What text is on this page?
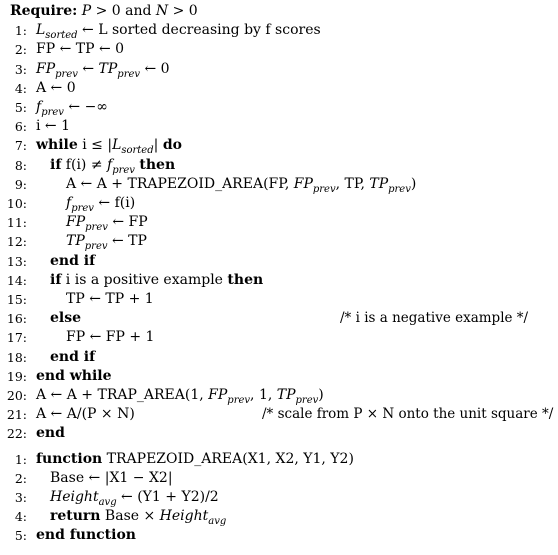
Require: P > 0 and N > 0
1: $L_{sorted}$ ← L sorted decreasing by f scores
2: FP ← TP ← 0
3: $FP_{prev}$ ← $TP_{prev}$ ← 0
4: A ← 0
5: $f_{prev}$ ← −∞
6: i ← 1
7: while $i \le |L_{sorted}|$ do
8: if $f(i) \ne f_{prev}$ then
9:	A ← A + TRAPEZOID_AREA(FP, $FP_{prev}$, TP, $TP_{prev}$)
10:	$f_{prev}$ ← f(i)
11:	$FP_{prev}$ ← FP
12:	$TP_{prev}$ ← TP
13: end if
14: if i is a positive example then
15:	TP ← TP + 1
16: else	/* i is a negative example */
17:	FP ← FP + 1
18: end if
19: end while
20: A ← A + TRAP_AREA(1, $FP_{prev}$, 1, $TP_{prev}$)
21: A ← A/(P × N)	/* scale from P × N onto the unit square */
22: end
1: function TRAPEZOID_AREA(X1, X2, Y1, Y2)
2: Base ← |X1 − X2|
3: Height$_{avg}$ ← (Y1 + Y2)/2
4: return Base × Height$_{avg}$
5: end function
